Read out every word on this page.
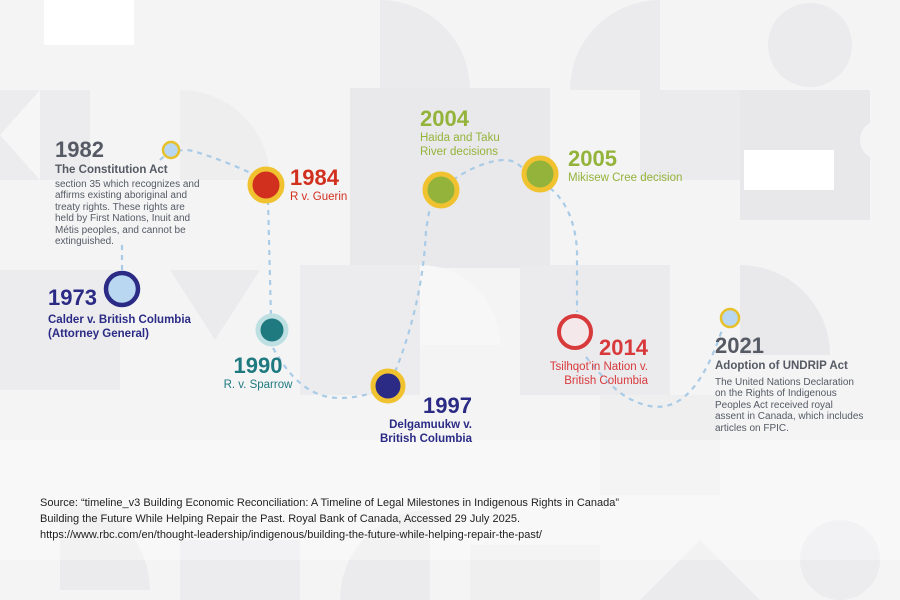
1973
Calder v. British Columbia
(Attorney General)
1982
The Constitution Act
section 35 which recognizes and affirms existing aboriginal and treaty rights. These rights are held by First Nations, Inuit and Métis peoples, and cannot be extinguished.
1984
R v. Guerin
1990
R. v. Sparrow
1997
Delgamuukw v.
British Columbia
2004
Haida and Taku
River decisions	2005
Mikisew Cree decision
2014
Tsilhqot’in Nation v.
British Columbia
2021
Adoption of UNDRIP Act
The United Nations Declaration on the Rights of Indigenous Peoples Act received royal assent in Canada, which includes articles on FPIC.
Source: “timeline_v3 Building Economic Reconciliation: A Timeline of Legal Milestones in Indigenous Rights in Canada”
Building the Future While Helping Repair the Past. Royal Bank of Canada, Accessed 29 July 2025.
https://www.rbc.com/en/thought-leadership/indigenous/building-the-future-while-helping-repair-the-past/
